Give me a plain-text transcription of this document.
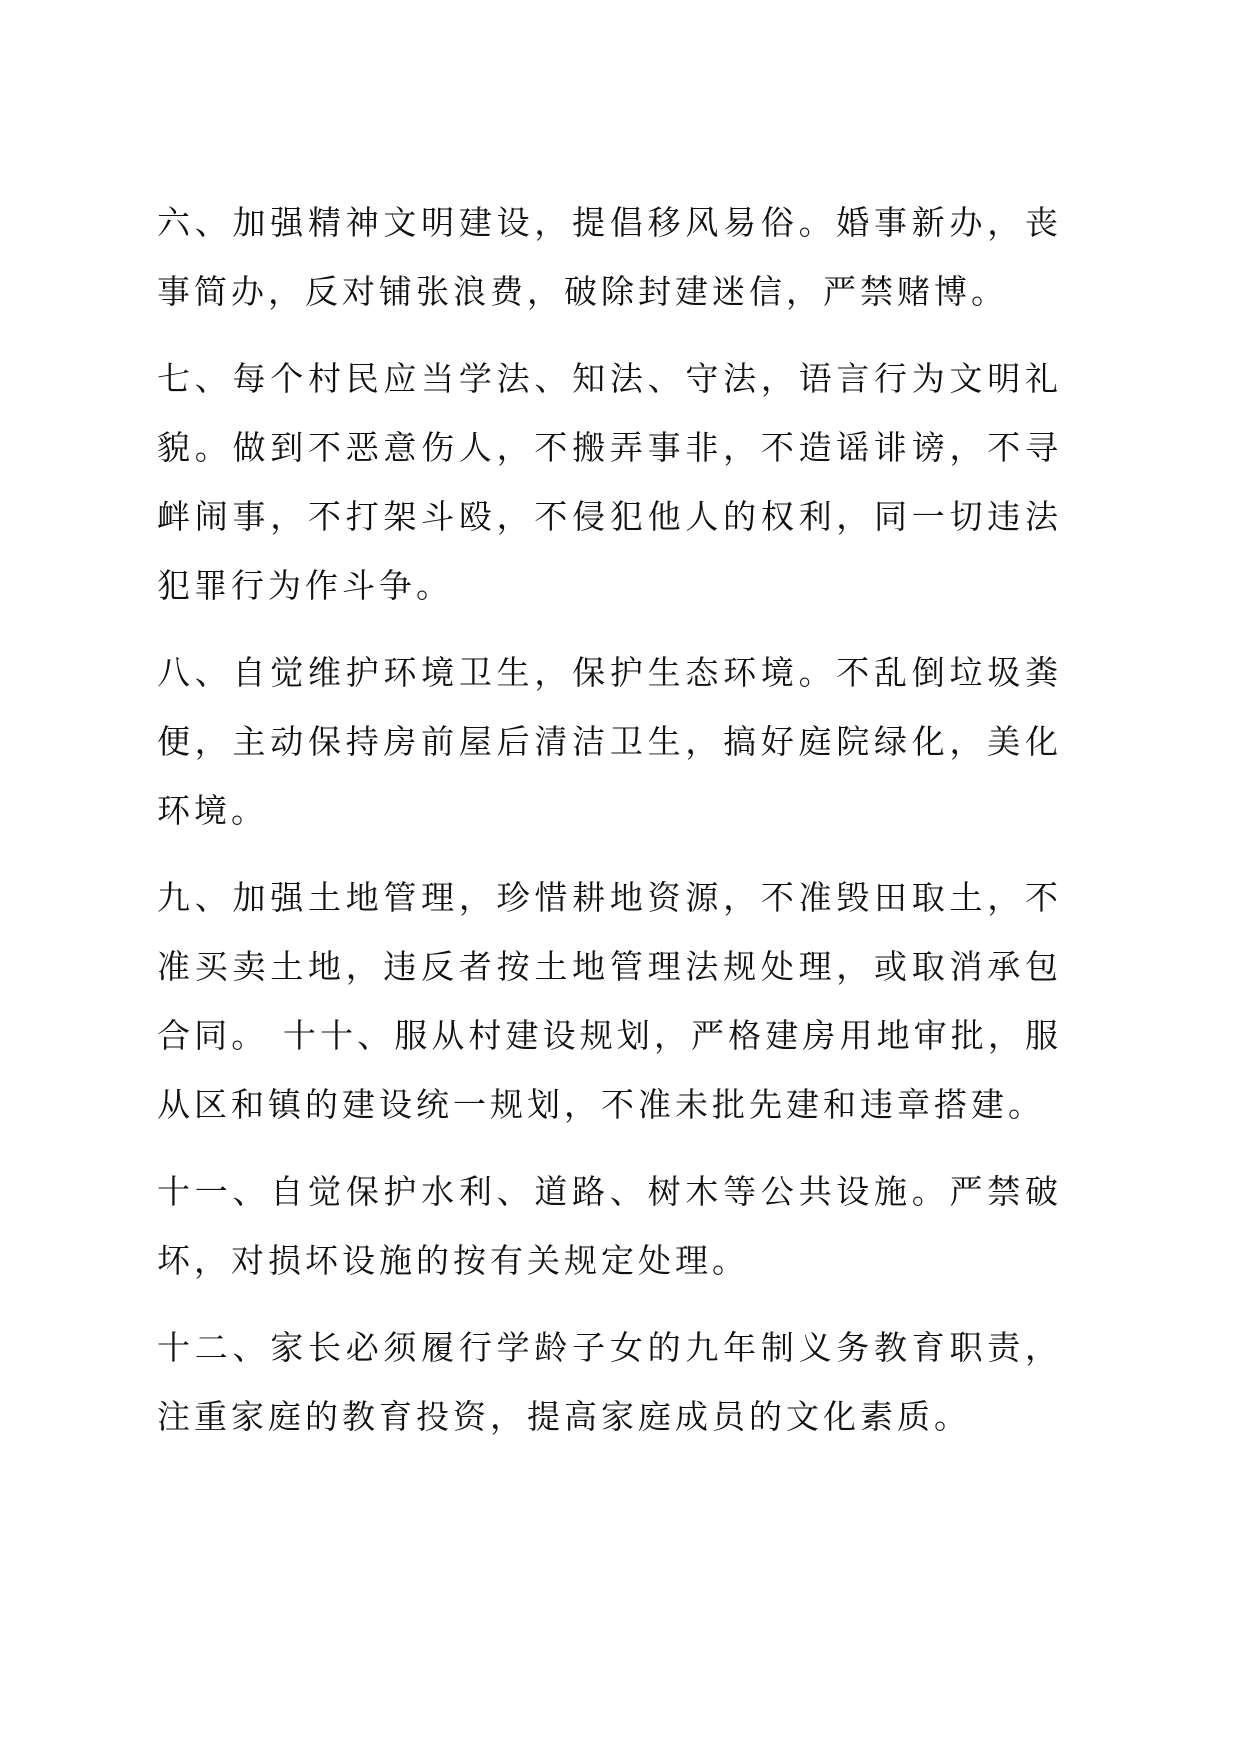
六、加强精神文明建设，提倡移风易俗。婚事新办，丧事简办，反对铺张浪费，破除封建迷信，严禁赌博。

七、每个村民应当学法、知法、守法，语言行为文明礼貌。做到不恶意伤人，不搬弄事非，不造谣诽谤，不寻衅闹事，不打架斗殴，不侵犯他人的权利，同一切违法犯罪行为作斗争。

八、自觉维护环境卫生，保护生态环境。不乱倒垃圾粪便，主动保持房前屋后清洁卫生，搞好庭院绿化，美化环境。

九、加强土地管理，珍惜耕地资源，不准毁田取土，不准买卖土地，违反者按土地管理法规处理，或取消承包合同。 十十、服从村建设规划，严格建房用地审批，服从区和镇的建设统一规划，不准未批先建和违章搭建。

十一、自觉保护水利、道路、树木等公共设施。严禁破坏，对损坏设施的按有关规定处理。

十二、家长必须履行学龄子女的九年制义务教育职责，注重家庭的教育投资，提高家庭成员的文化素质。
